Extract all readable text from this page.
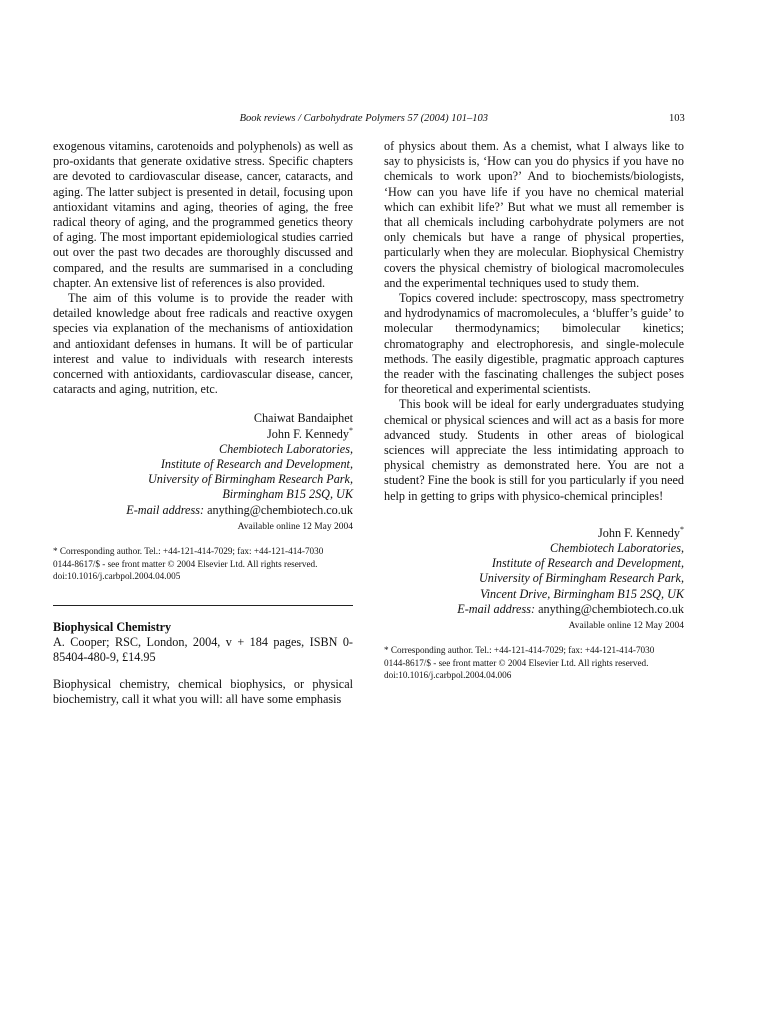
Book reviews / Carbohydrate Polymers 57 (2004) 101–103	103

exogenous vitamins, carotenoids and polyphenols) as well as pro-oxidants that generate oxidative stress. Specific chapters are devoted to cardiovascular disease, cancer, cataracts, and aging. The latter subject is presented in detail, focusing upon antioxidant vitamins and aging, theories of aging, the free radical theory of aging, and the programmed genetics theory of aging. The most important epidemiological studies carried out over the past two decades are thoroughly discussed and compared, and the results are summarised in a concluding chapter. An extensive list of references is also provided.

The aim of this volume is to provide the reader with detailed knowledge about free radicals and reactive oxygen species via explanation of the mechanisms of antioxidation and antioxidant defenses in humans. It will be of particular interest and value to individuals with research interests concerned with antioxidants, cardiovascular disease, cancer, cataracts and aging, nutrition, etc.

Chaiwat Bandaiphet
John F. Kennedy*
Chembiotech Laboratories,
Institute of Research and Development,
University of Birmingham Research Park,
Birmingham B15 2SQ, UK
E-mail address: anything@chembiotech.co.uk
Available online 12 May 2004
* Corresponding author. Tel.: +44-121-414-7029; fax: +44-121-414-7030
0144-8617/$ - see front matter © 2004 Elsevier Ltd. All rights reserved.
doi:10.1016/j.carbpol.2004.04.005

Biophysical Chemistry

A. Cooper; RSC, London, 2004, v + 184 pages, ISBN 0-85404-480-9, £14.95

Biophysical chemistry, chemical biophysics, or physical biochemistry, call it what you will: all have some emphasis

of physics about them. As a chemist, what I always like to say to physicists is, ‘How can you do physics if you have no chemicals to work upon?’ And to biochemists/biologists, ‘How can you have life if you have no chemical material which can exhibit life?’ But what we must all remember is that all chemicals including carbohydrate polymers are not only chemicals but have a range of physical properties, particularly when they are molecular. Biophysical Chemistry covers the physical chemistry of biological macromolecules and the experimental techniques used to study them.

Topics covered include: spectroscopy, mass spectrometry and hydrodynamics of macromolecules, a ‘bluffer’s guide’ to molecular thermodynamics; bimolecular kinetics; chromatography and electrophoresis, and single-molecule methods. The easily digestible, pragmatic approach captures the reader with the fascinating challenges the subject poses for theoretical and experimental scientists.

This book will be ideal for early undergraduates studying chemical or physical sciences and will act as a basis for more advanced study. Students in other areas of biological sciences will appreciate the less intimidating approach to physical chemistry as demonstrated here. You are not a student? Fine the book is still for you particularly if you need help in getting to grips with physico-chemical principles!

John F. Kennedy*
Chembiotech Laboratories,
Institute of Research and Development,
University of Birmingham Research Park,
Vincent Drive, Birmingham B15 2SQ, UK
E-mail address: anything@chembiotech.co.uk
Available online 12 May 2004
* Corresponding author. Tel.: +44-121-414-7029; fax: +44-121-414-7030
0144-8617/$ - see front matter © 2004 Elsevier Ltd. All rights reserved.
doi:10.1016/j.carbpol.2004.04.006
